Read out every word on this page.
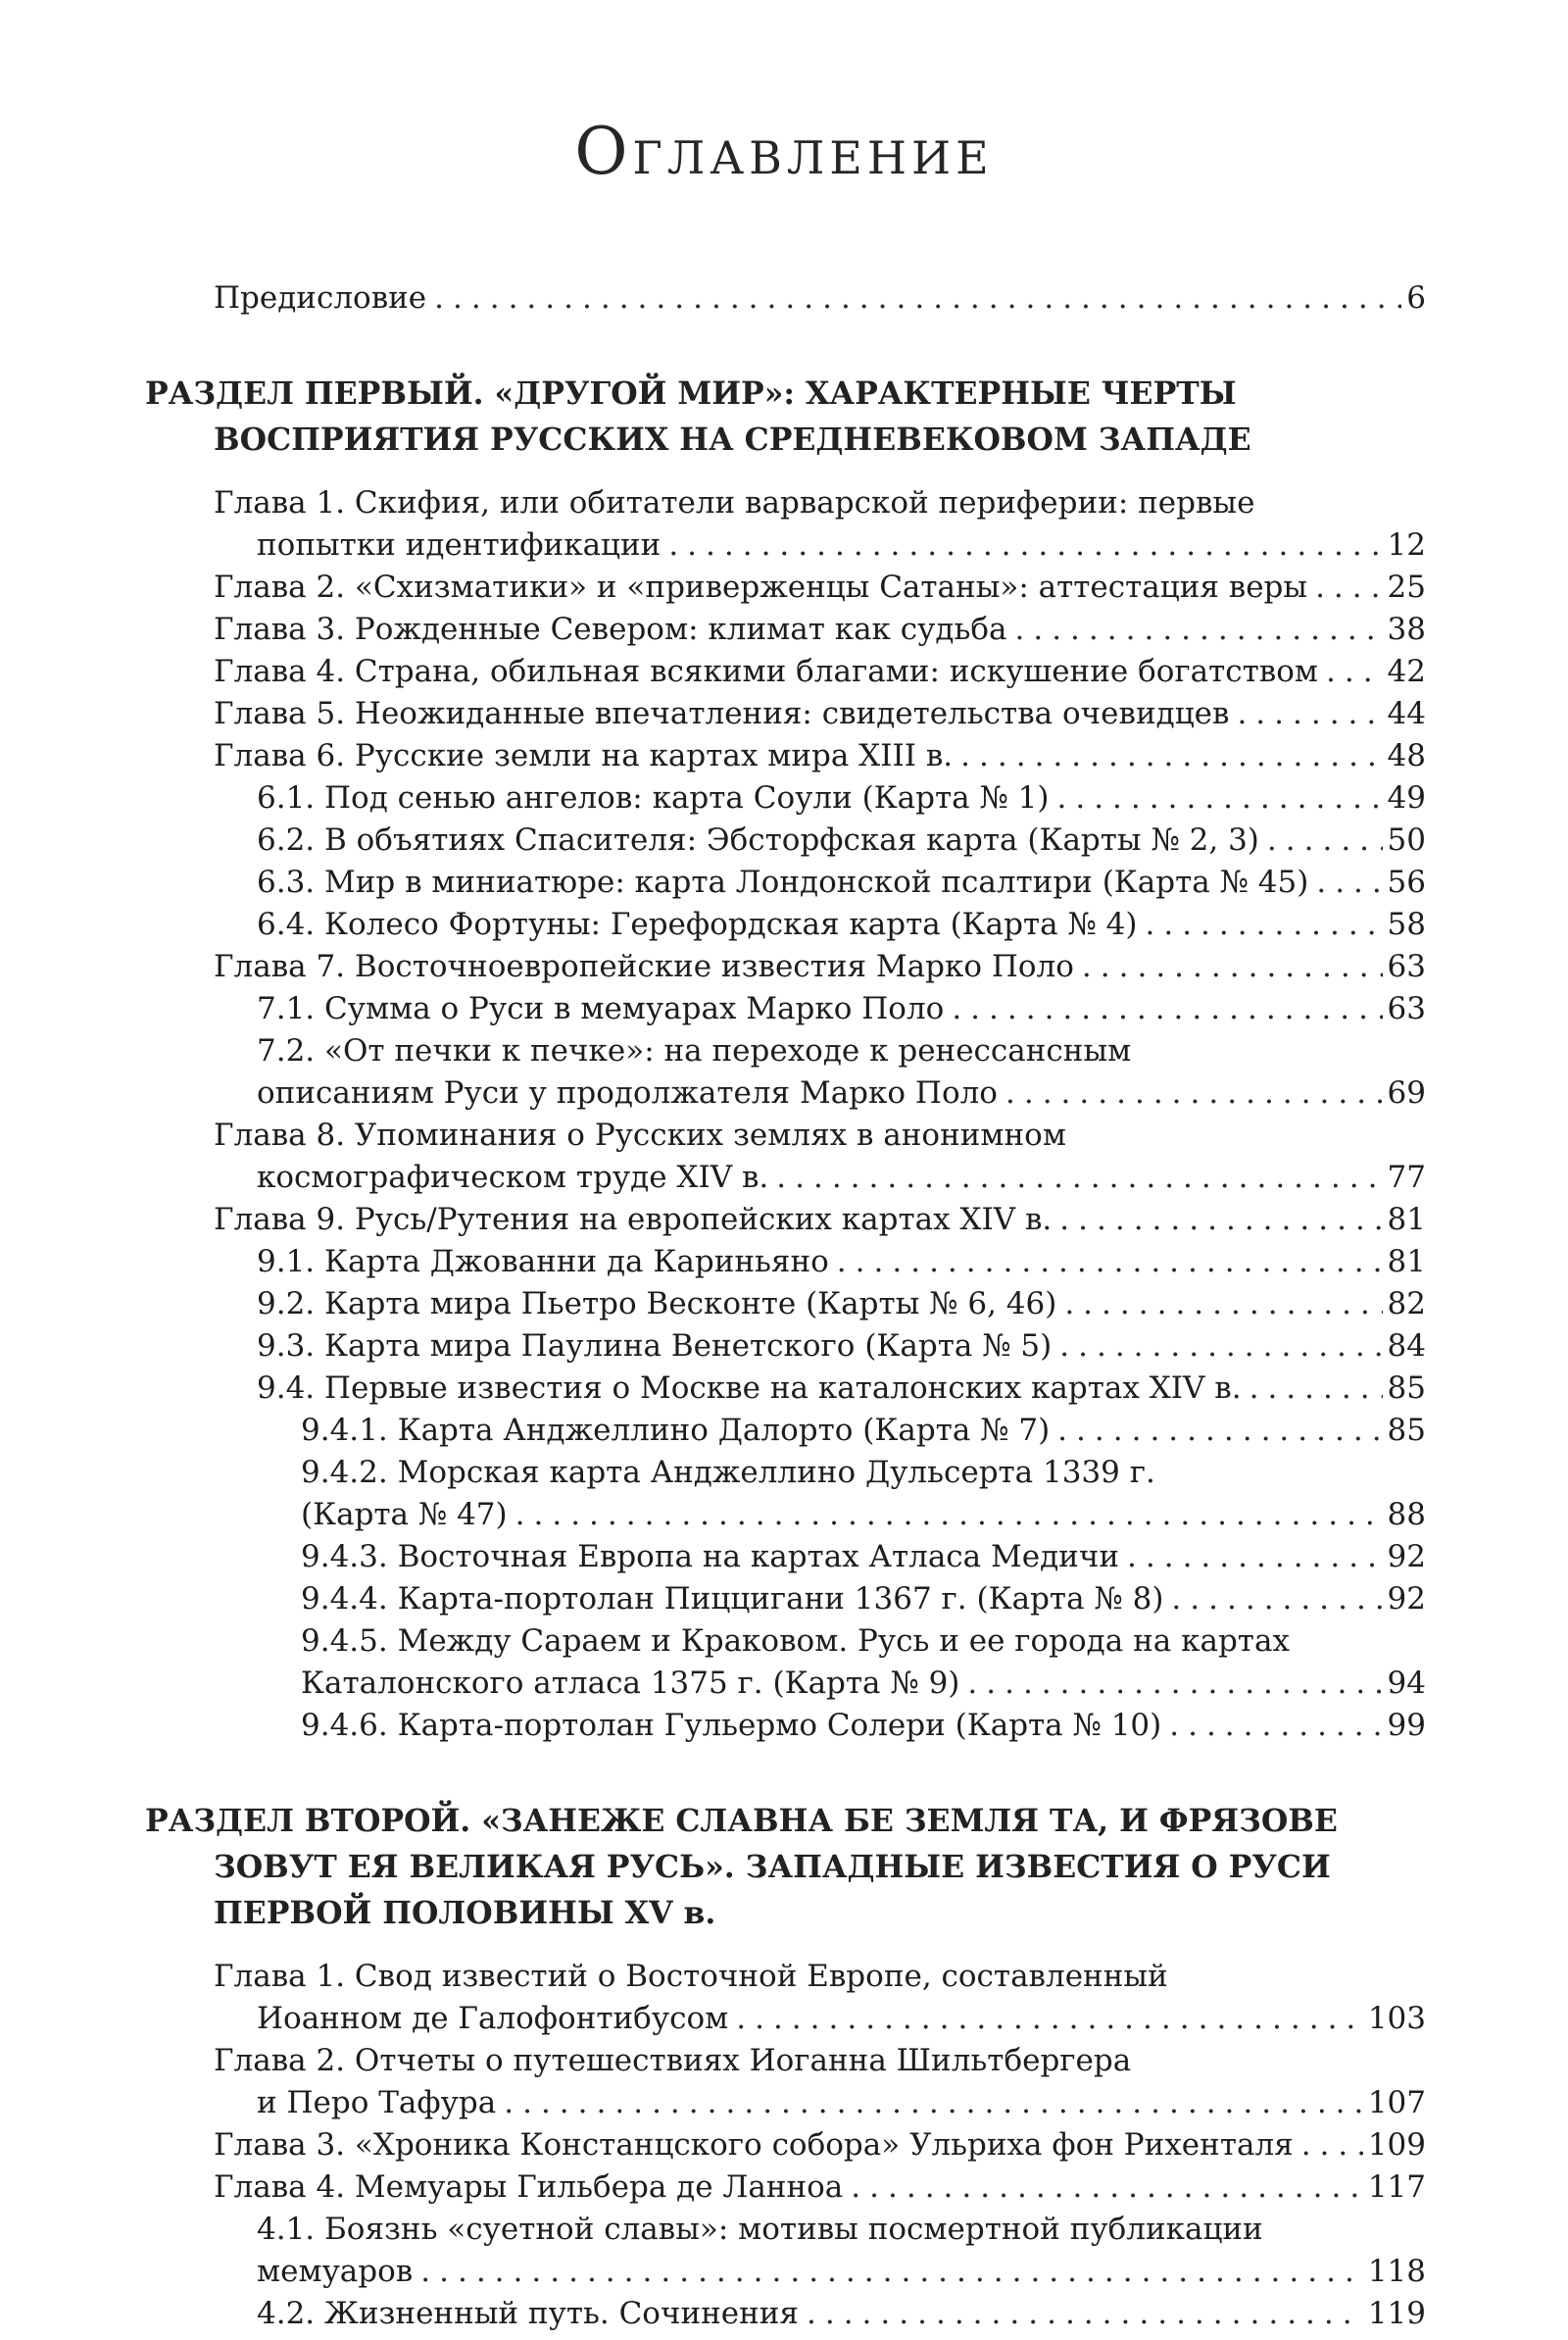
Оглавление
Предисловие .....	6
РАЗДЕЛ ПЕРВЫЙ. «ДРУГОЙ МИР»: ХАРАКТЕРНЫЕ ЧЕРТЫ
ВОСПРИЯТИЯ РУССКИХ НА СРЕДНЕВЕКОВОМ ЗАПАДЕ
Глава 1. Скифия, или обитатели варварской периферии: первые
попытки идентификации .....	12
Глава 2. «Схизматики» и «приверженцы Сатаны»: аттестация веры .....	25
Глава 3. Рожденные Севером: климат как судьба .....	38
Глава 4. Страна, обильная всякими благами: искушение богатством ..... 42
Глава 5. Неожиданные впечатления: свидетельства очевидцев .....	44
Глава 6. Русские земли на картах мира XIII в. .....	48
6.1. Под сенью ангелов: карта Соули (Карта № 1) .....	49
6.2. В объятиях Спасителя: Эбсторфская карта (Карты № 2, 3) .....	50
6.3. Мир в миниатюре: карта Лондонской псалтири (Карта № 45) .....	56
6.4. Колесо Фортуны: Герефордская карта (Карта № 4) .....	58
Глава 7. Восточноевропейские известия Марко Поло .....	63
7.1. Сумма о Руси в мемуарах Марко Поло .....	63
7.2. «От печки к печке»: на переходе к ренессансным
описаниям Руси у продолжателя Марко Поло .....	69
Глава 8. Упоминания о Русских землях в анонимном
космографическом труде XIV в. .....	77
Глава 9. Русь/Рутения на европейских картах XIV в. .....	81
9.1. Карта Джованни да Кариньяно .....	81
9.2. Карта мира Пьетро Весконте (Карты № 6, 46) .....	82
9.3. Карта мира Паулина Венетского (Карта № 5) .....	84
9.4. Первые известия о Москве на каталонских картах XIV в. .....	85
9.4.1. Карта Анджеллино Далорто (Карта № 7) .....	85
9.4.2. Морская карта Анджеллино Дульсерта 1339 г.
(Карта № 47) .....	88
9.4.3. Восточная Европа на картах Атласа Медичи .....	92
9.4.4. Карта-портолан Пиццигани 1367 г. (Карта № 8) .....	92
9.4.5. Между Сараем и Краковом. Русь и ее города на картах
Каталонского атласа 1375 г. (Карта № 9) .....	94
9.4.6. Карта-портолан Гульермо Солери (Карта № 10) .....	99
РАЗДЕЛ ВТОРОЙ. «ЗАНЕЖЕ СЛАВНА БЕ ЗЕМЛЯ ТА, И ФРЯЗОВЕ
ЗОВУТ ЕЯ ВЕЛИКАЯ РУСЬ». ЗАПАДНЫЕ ИЗВЕСТИЯ О РУСИ
ПЕРВОЙ ПОЛОВИНЫ XV в.
Глава 1. Свод известий о Восточной Европе, составленный
Иоанном де Галофонтибусом .....	103
Глава 2. Отчеты о путешествиях Иоганна Шильтбергера
и Перо Тафура .....	107
Глава 3. «Хроника Констанцского собора» Ульриха фон Рихенталя ..... 109
Глава 4. Мемуары Гильбера де Ланноа .....	117
4.1. Боязнь «суетной славы»: мотивы посмертной публикации
мемуаров .....	118
4.2. Жизненный путь. Сочинения .....	119
